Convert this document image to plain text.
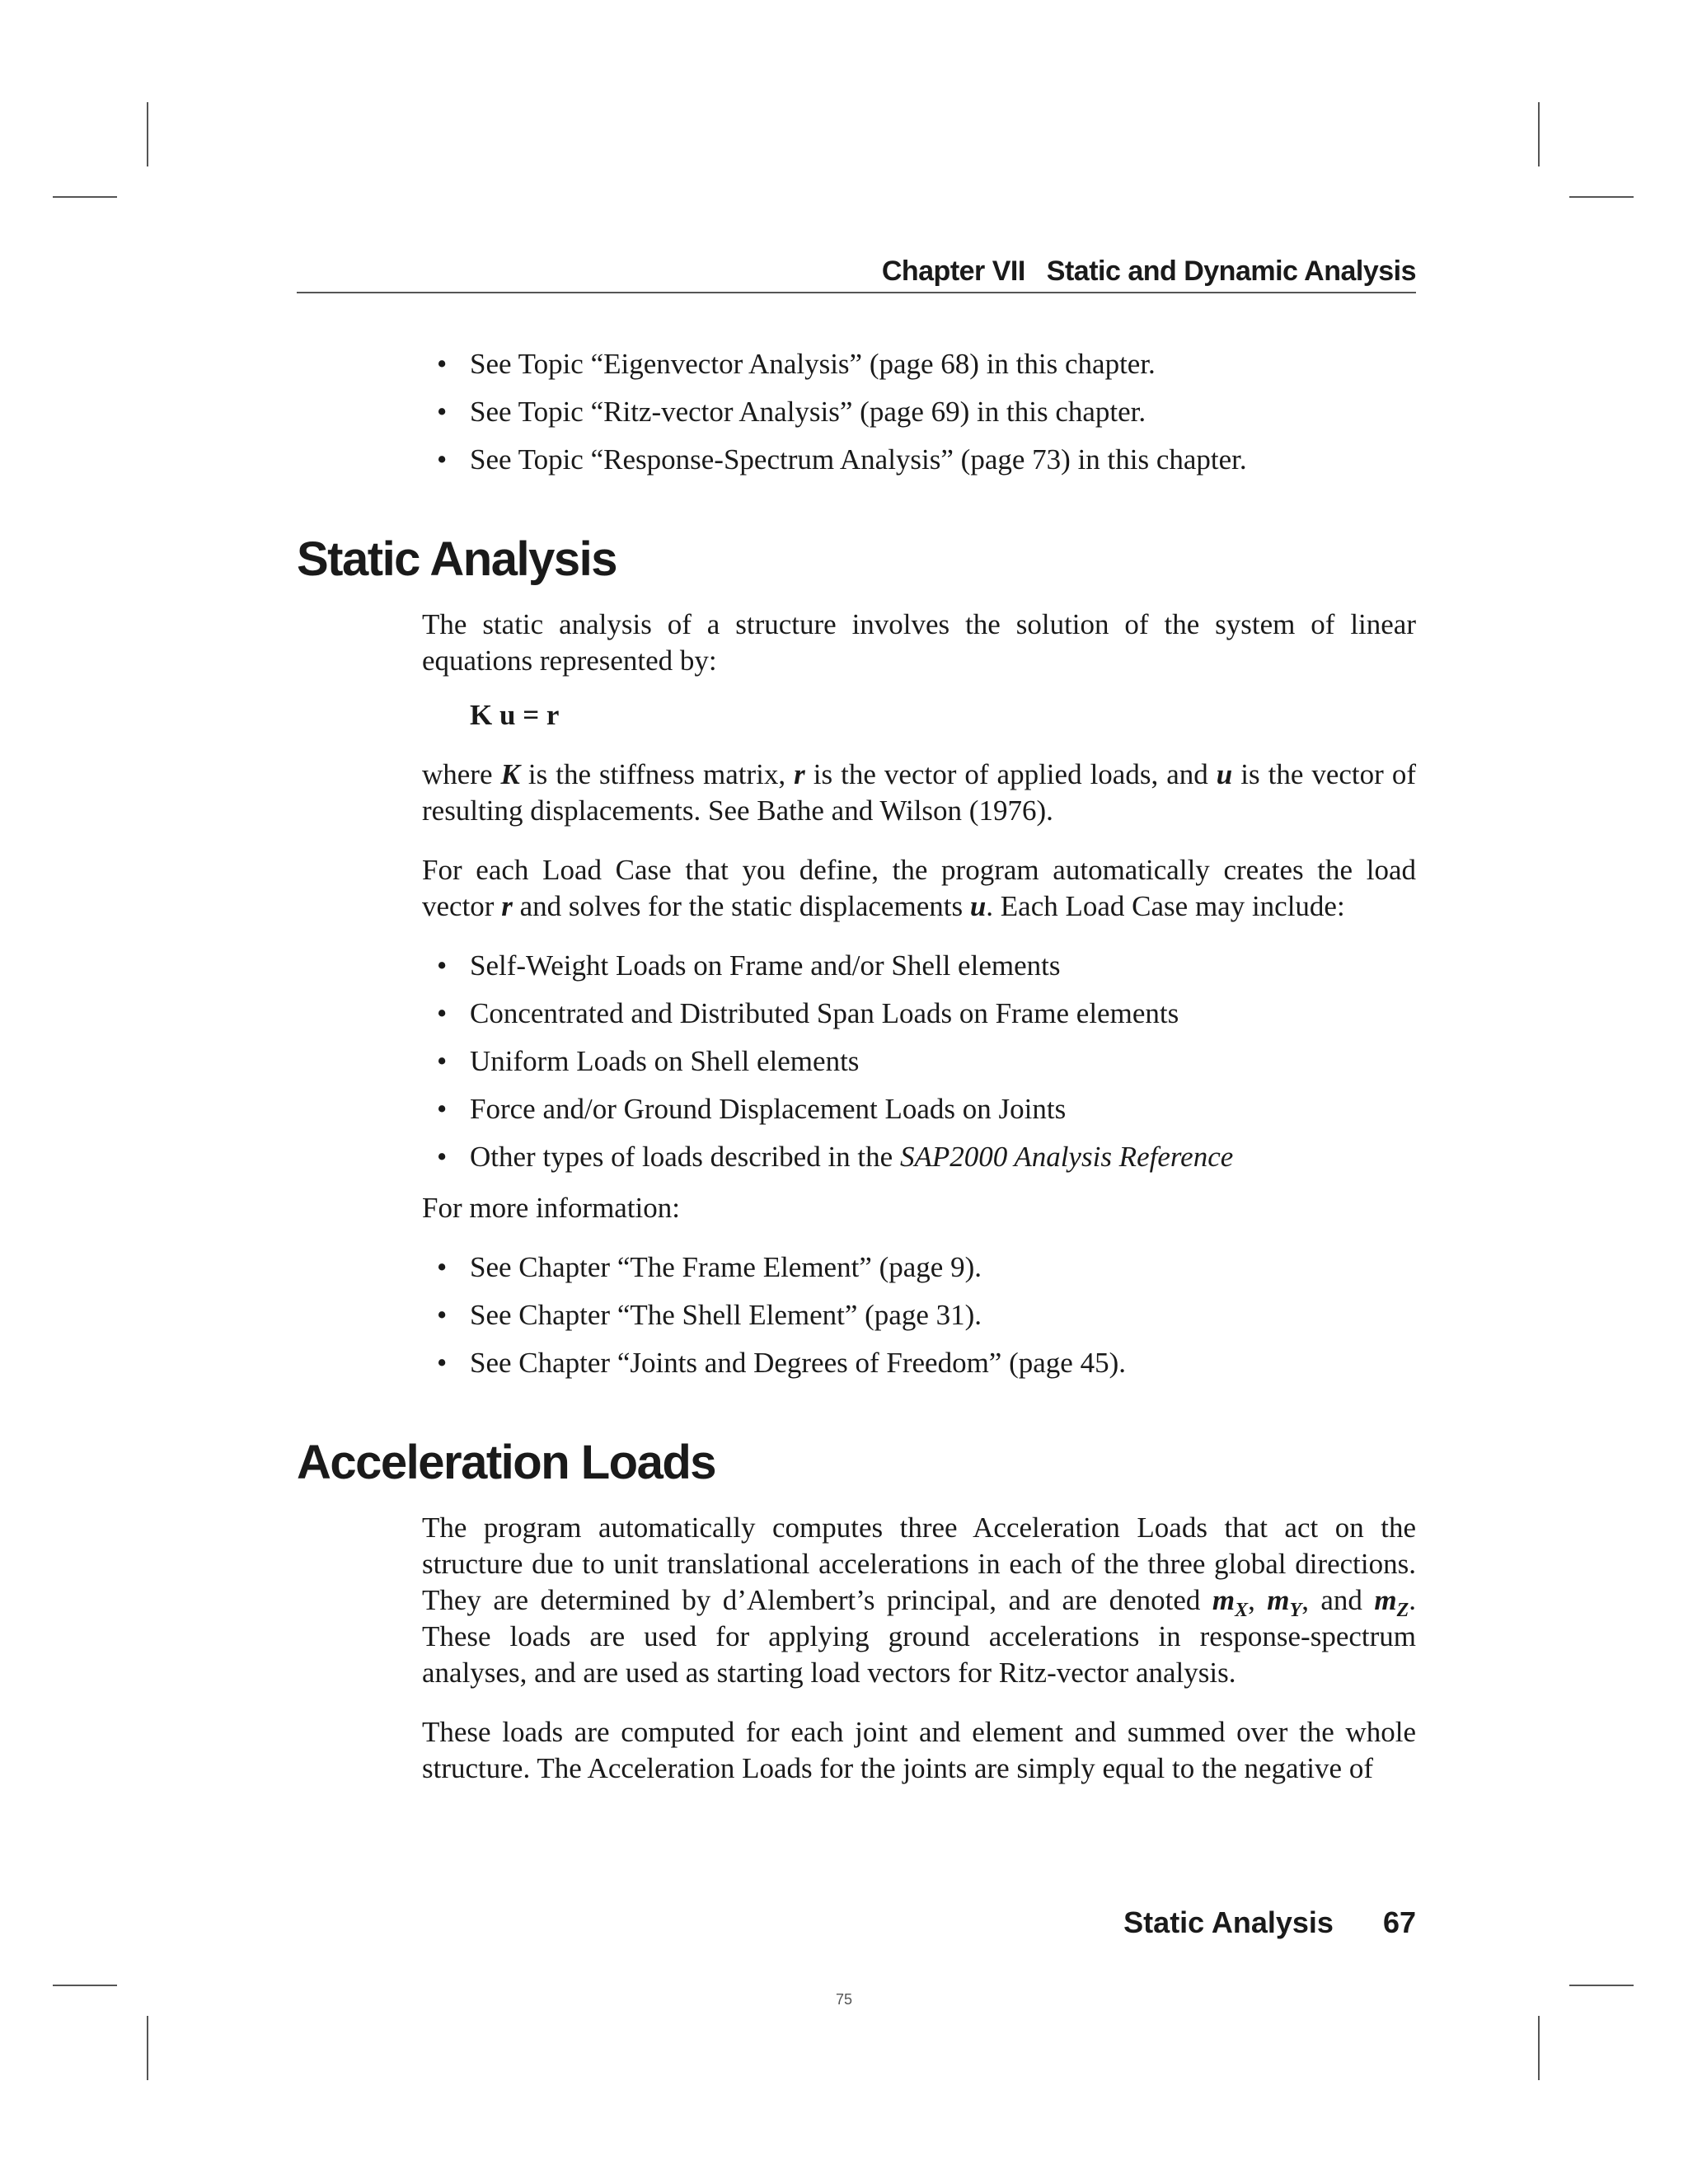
Chapter VII Static and Dynamic Analysis
• See Topic “Eigenvector Analysis” (page 68) in this chapter.
• See Topic “Ritz-vector Analysis” (page 69) in this chapter.
• See Topic “Response-Spectrum Analysis” (page 73) in this chapter.
Static Analysis

The static analysis of a structure involves the solution of the system of linear equations represented by:

K u = r

where K is the stiffness matrix, r is the vector of applied loads, and u is the vector of resulting displacements. See Bathe and Wilson (1976).

For each Load Case that you define, the program automatically creates the load vector r and solves for the static displacements u. Each Load Case may include:

• Self-Weight Loads on Frame and/or Shell elements
• Concentrated and Distributed Span Loads on Frame elements
• Uniform Loads on Shell elements
• Force and/or Ground Displacement Loads on Joints
• Other types of loads described in the SAP2000 Analysis Reference

For more information:

• See Chapter “The Frame Element” (page 9).
• See Chapter “The Shell Element” (page 31).
• See Chapter “Joints and Degrees of Freedom” (page 45).
Acceleration Loads

The program automatically computes three Acceleration Loads that act on the structure due to unit translational accelerations in each of the three global directions. They are determined by d’Alembert’s principal, and are denoted $m_X$, $m_Y$, and $m_Z$. These loads are used for applying ground accelerations in response-spectrum analyses, and are used as starting load vectors for Ritz-vector analysis.

These loads are computed for each joint and element and summed over the whole structure. The Acceleration Loads for the joints are simply equal to the negative of

Static Analysis 67
75
